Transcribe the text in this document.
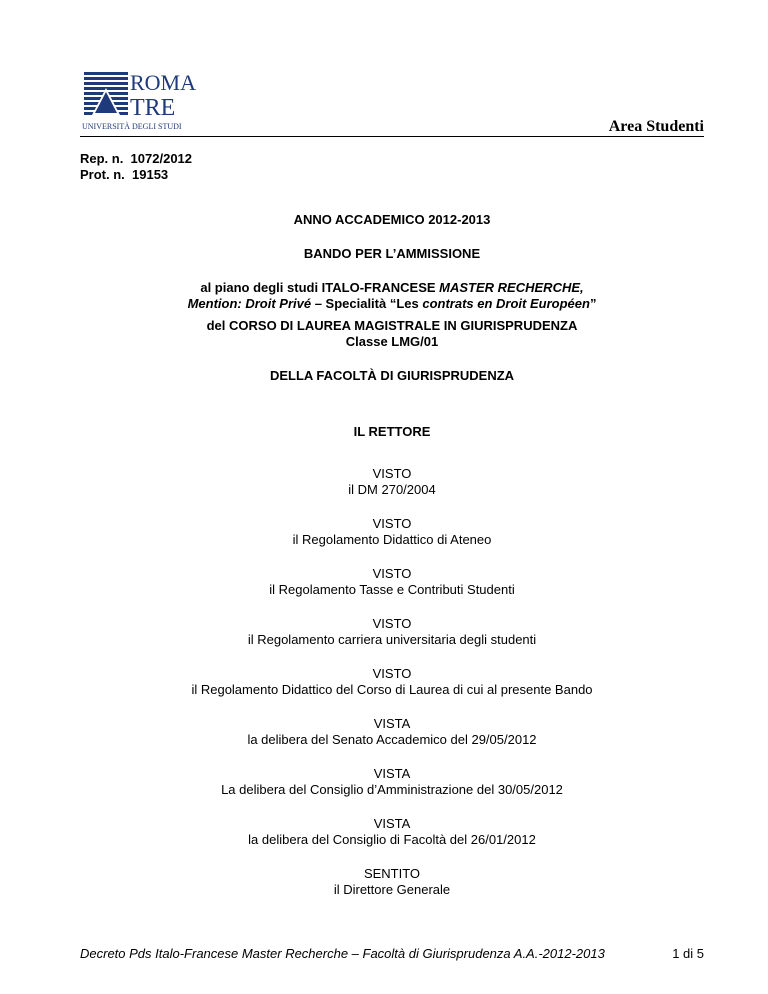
ROMA
TRE
UNIVERSITÀ DEGLI STUDI	Area Studenti
Rep. n.  1072/2012
Prot. n.  19153
ANNO ACCADEMICO 2012-2013
BANDO PER L’AMMISSIONE
al piano degli studi ITALO-FRANCESE MASTER RECHERCHE,
Mention: Droit Privé – Specialità “Les contrats en Droit Européen”
del CORSO DI LAUREA MAGISTRALE IN GIURISPRUDENZA
Classe LMG/01
DELLA FACOLTÀ DI GIURISPRUDENZA
IL RETTORE
VISTO
il DM 270/2004
VISTO
il Regolamento Didattico di Ateneo
VISTO
il Regolamento Tasse e Contributi Studenti
VISTO
il Regolamento carriera universitaria degli studenti
VISTO
il Regolamento Didattico del Corso di Laurea di cui al presente Bando
VISTA
la delibera del Senato Accademico del 29/05/2012
VISTA
La delibera del Consiglio d’Amministrazione del 30/05/2012
VISTA
la delibera del Consiglio di Facoltà del 26/01/2012
SENTITO
il Direttore Generale
Decreto Pds Italo-Francese Master Recherche – Facoltà di Giurisprudenza A.A.-2012-2013	1 di 5
